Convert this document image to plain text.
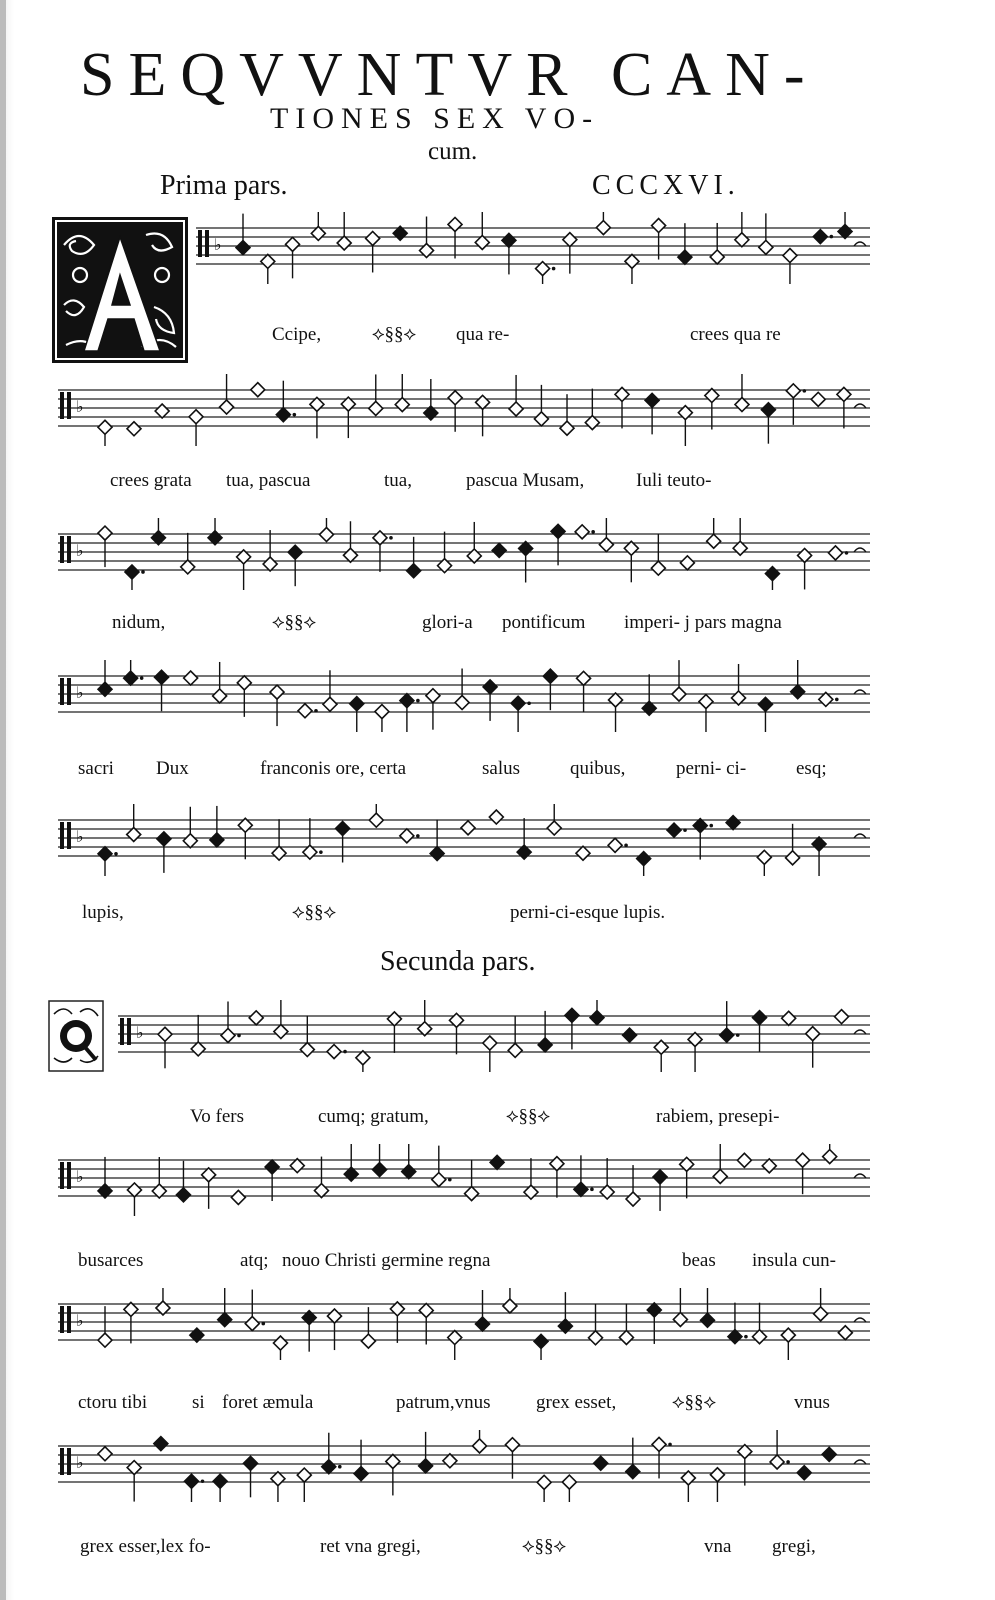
SEQVVNTVR CAN-
TIONES SEX VO-
cum.
Prima pars.	CCCXVI.
♭
♭
♭
♭
♭
♭
♭
♭
♭
Ccipe,	⟡§§⟡ qua re-	crees qua re
crees grata tua, pascua	tua,	pascua Musam,	Iuli teuto-
nidum,	⟡§§⟡	glori-a pontificum imperi- j pars magna
sacri Dux	franconis ore, certa	salus	quibus,	perni- ci-	esq;
lupis,	⟡§§⟡	perni-ci-esque lupis.
Secunda pars.
Vo fers	cumq; gratum,	⟡§§⟡	rabiem, presepi-
busarces	atq; nouo Christi germine regna	beas insula cun-
ctoru tibi si foret æmula	patrum,vnus grex esset,	⟡§§⟡	vnus
grex esser,lex fo-	ret vna gregi,	⟡§§⟡	vna gregi,
